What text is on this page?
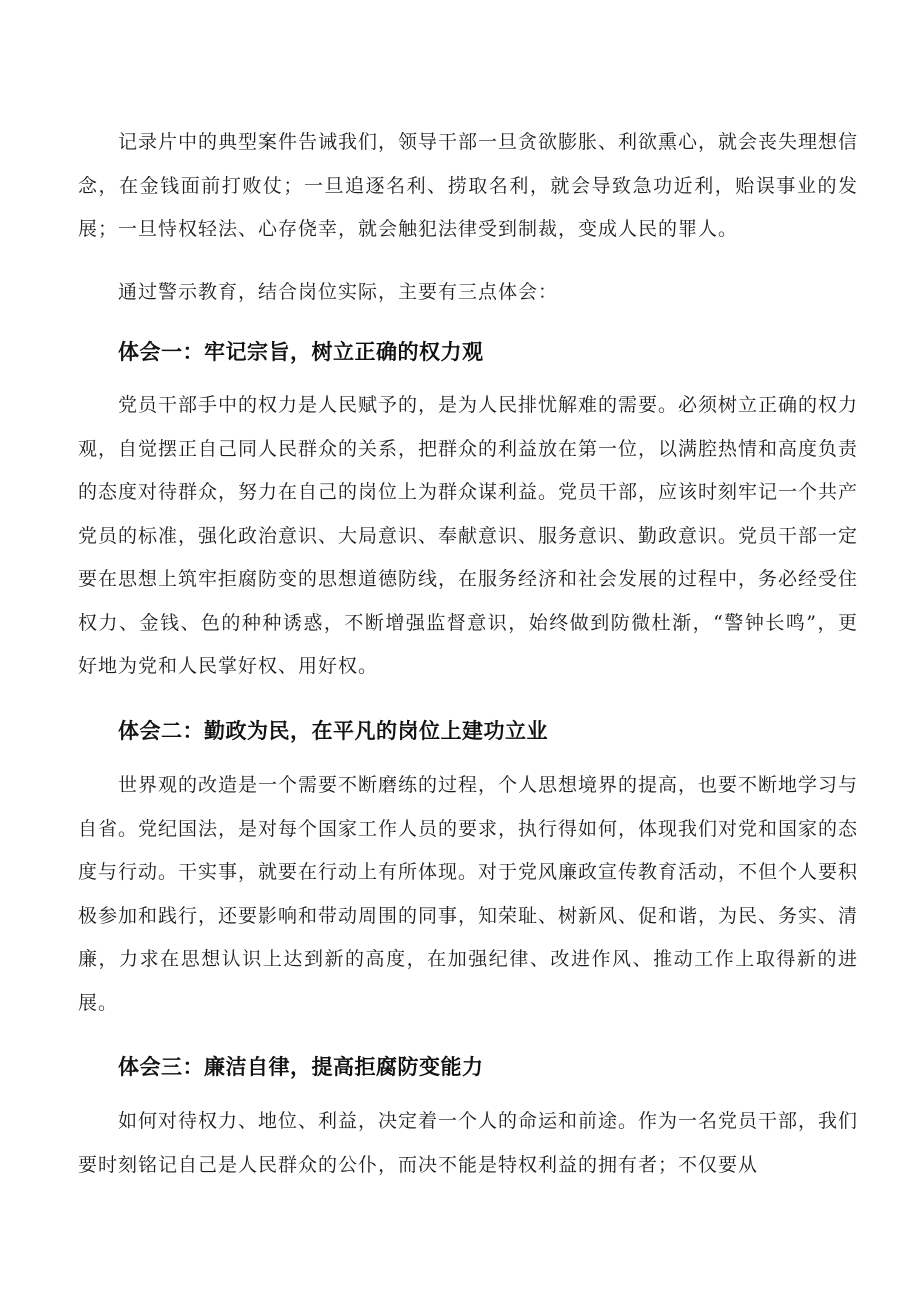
记录片中的典型案件告诫我们，领导干部一旦贪欲膨胀、利欲熏心，就会丧失理想信念，在金钱面前打败仗；一旦追逐名利、捞取名利，就会导致急功近利，贻误事业的发展；一旦恃权轻法、心存侥幸，就会触犯法律受到制裁，变成人民的罪人。

通过警示教育，结合岗位实际，主要有三点体会：

体会一：牢记宗旨，树立正确的权力观

党员干部手中的权力是人民赋予的，是为人民排忧解难的需要。必须树立正确的权力观，自觉摆正自己同人民群众的关系，把群众的利益放在第一位，以满腔热情和高度负责的态度对待群众，努力在自己的岗位上为群众谋利益。党员干部，应该时刻牢记一个共产党员的标准，强化政治意识、大局意识、奉献意识、服务意识、勤政意识。党员干部一定要在思想上筑牢拒腐防变的思想道德防线，在服务经济和社会发展的过程中，务必经受住权力、金钱、色的种种诱惑，不断增强监督意识，始终做到防微杜渐，“警钟长鸣”，更好地为党和人民掌好权、用好权。

体会二：勤政为民，在平凡的岗位上建功立业

世界观的改造是一个需要不断磨练的过程，个人思想境界的提高，也要不断地学习与自省。党纪国法，是对每个国家工作人员的要求，执行得如何，体现我们对党和国家的态度与行动。干实事，就要在行动上有所体现。对于党风廉政宣传教育活动，不但个人要积极参加和践行，还要影响和带动周围的同事，知荣耻、树新风、促和谐，为民、务实、清廉，力求在思想认识上达到新的高度，在加强纪律、改进作风、推动工作上取得新的进展。

体会三：廉洁自律，提高拒腐防变能力

如何对待权力、地位、利益，决定着一个人的命运和前途。作为一名党员干部，我们要时刻铭记自己是人民群众的公仆，而决不能是特权利益的拥有者；不仅要从
